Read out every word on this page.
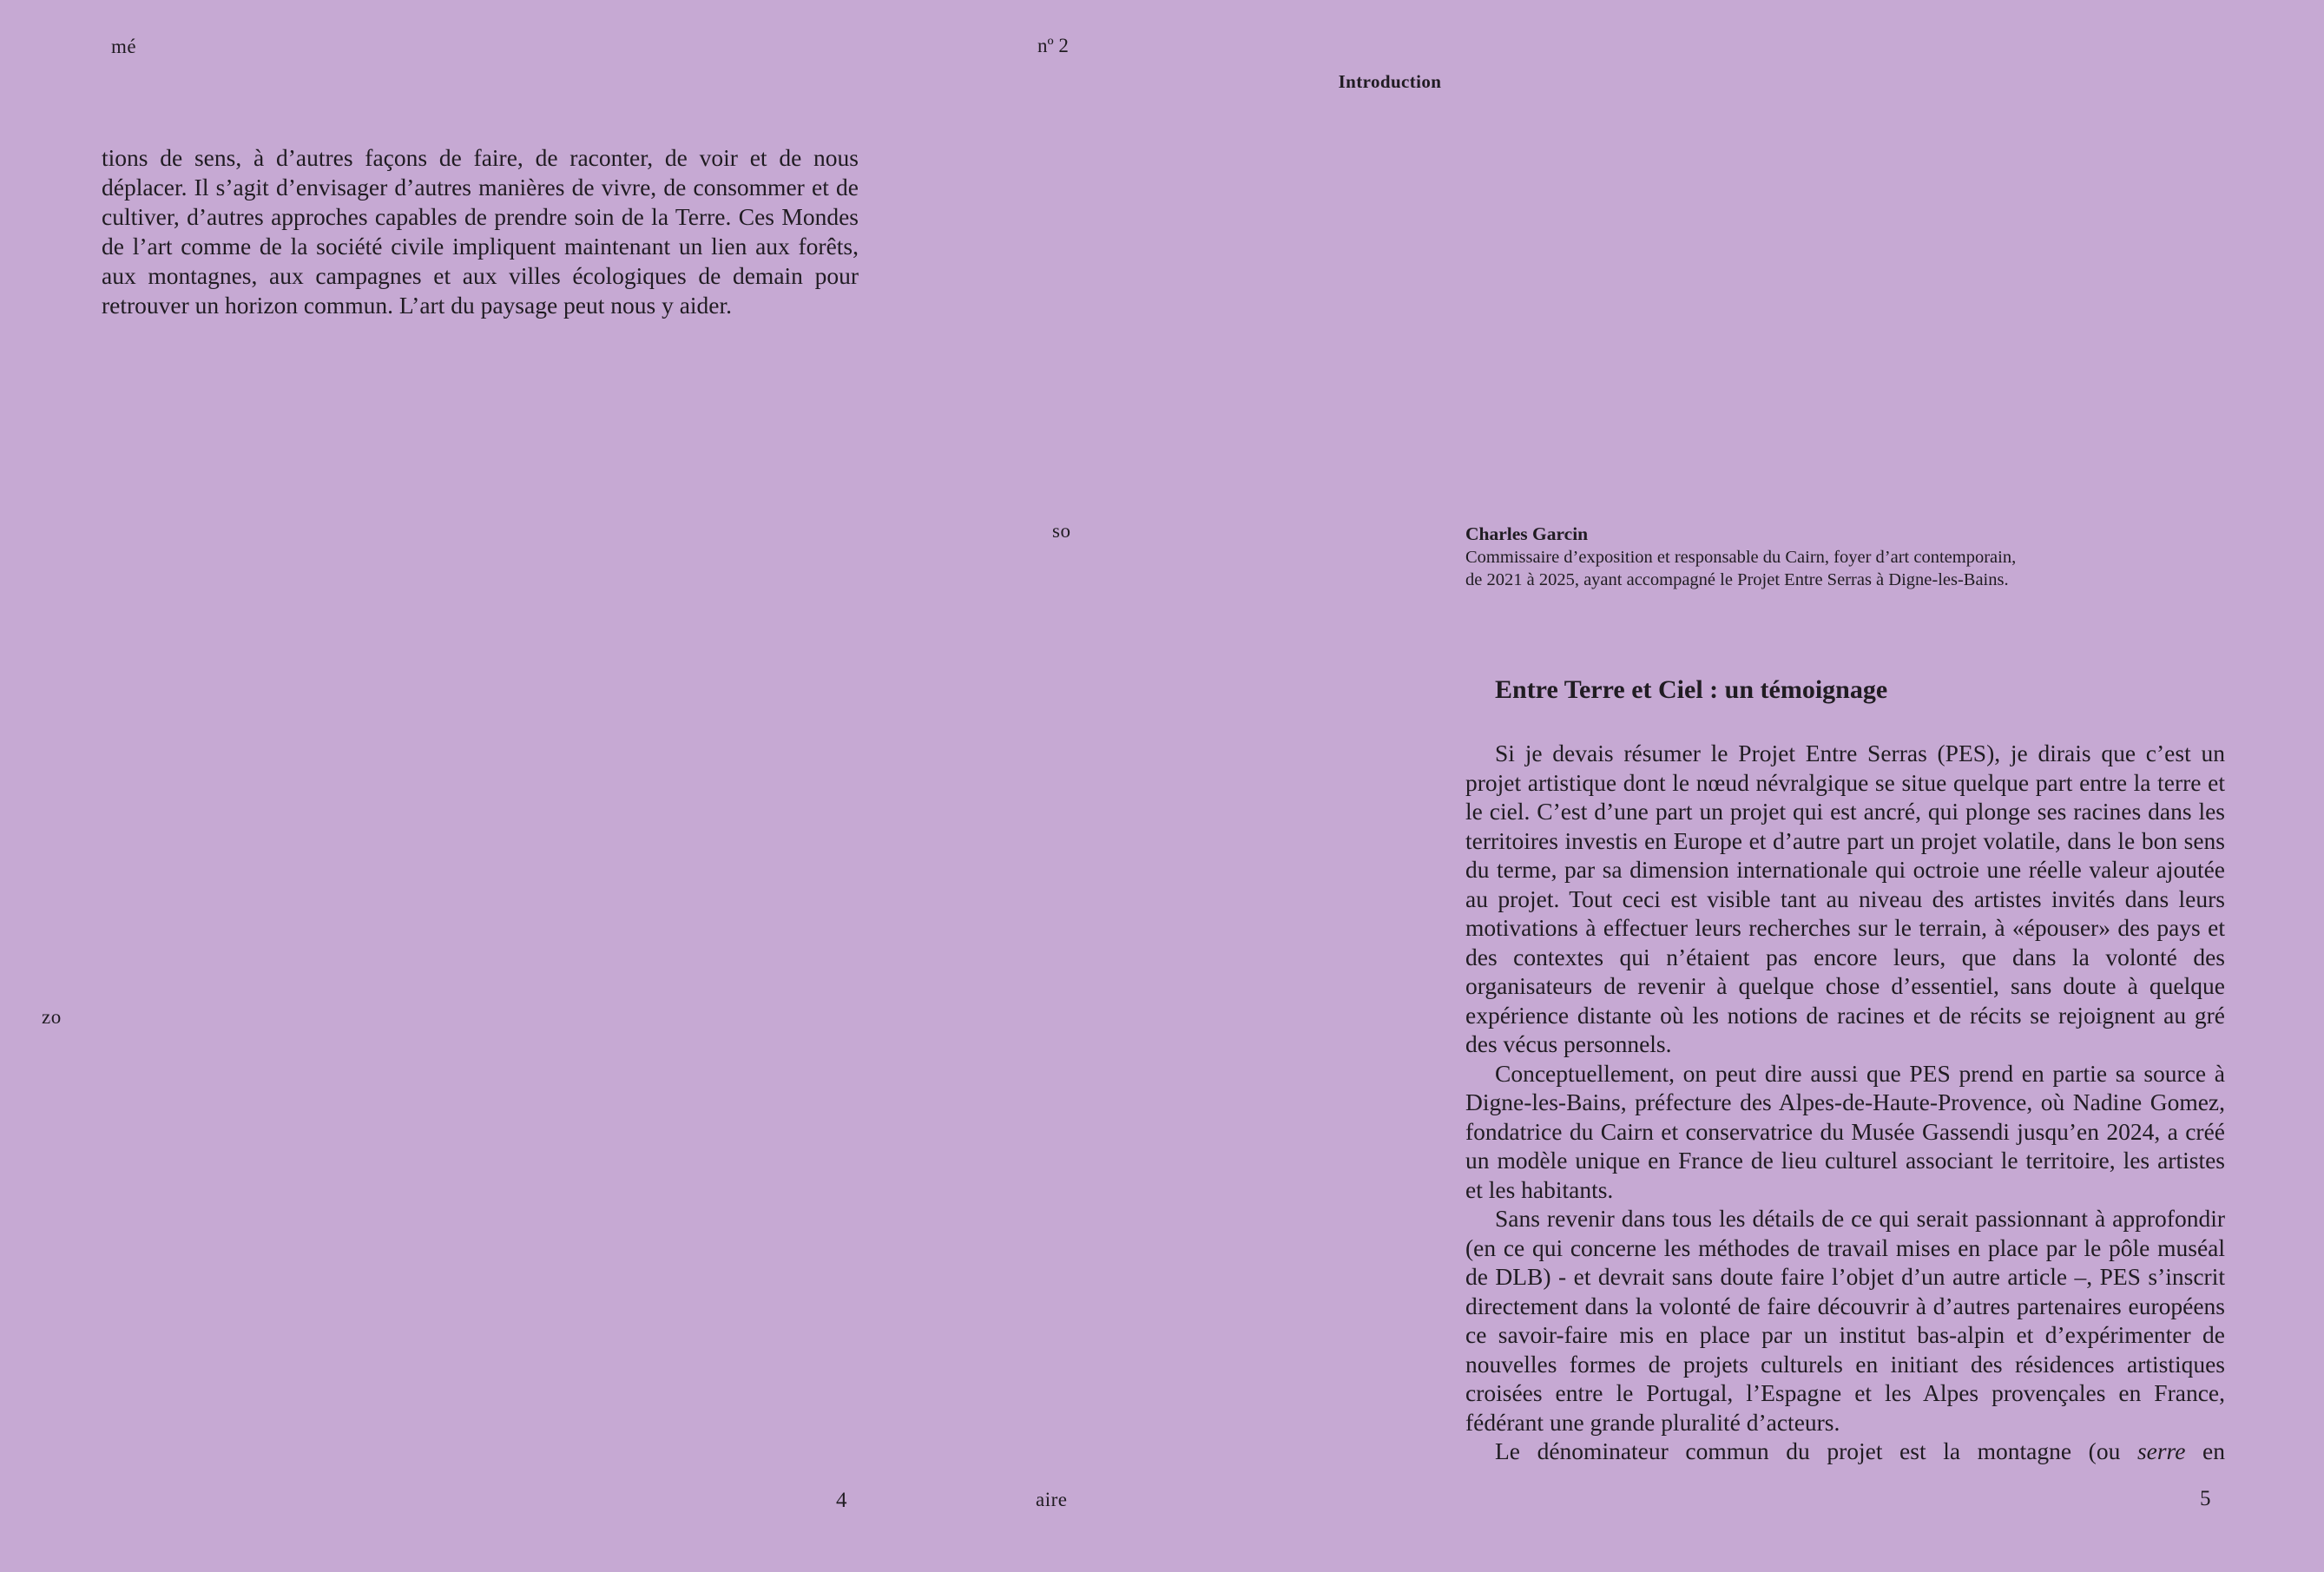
mé	nº 2
Introduction
so
zo
aire

tions de sens, à d’autres façons de faire, de raconter, de voir et de nous déplacer. Il s’agit d’envisager d’autres manières de vivre, de consommer et de cultiver, d’autres approches capables de prendre soin de la Terre. Ces Mondes de l’art comme de la société civile impliquent maintenant un lien aux forêts, aux montagnes, aux campagnes et aux villes écologiques de demain pour retrouver un horizon commun. L’art du paysage peut nous y aider.

Charles Garcin
Commissaire d’exposition et responsable du Cairn, foyer d’art contemporain,
de 2021 à 2025, ayant accompagné le Projet Entre Serras à Digne-les-Bains.
Entre Terre et Ciel : un témoignage

Si je devais résumer le Projet Entre Serras (PES), je dirais que c’est un projet artistique dont le nœud névralgique se situe quelque part entre la terre et le ciel. C’est d’une part un projet qui est ancré, qui plonge ses racines dans les territoires investis en Europe et d’autre part un projet volatile, dans le bon sens du terme, par sa dimension internationale qui octroie une réelle valeur ajoutée au projet. Tout ceci est visible tant au niveau des artistes invités dans leurs motivations à effectuer leurs recherches sur le terrain, à «épouser» des pays et des contextes qui n’étaient pas encore leurs, que dans la volonté des organisateurs de revenir à quelque chose d’essentiel, sans doute à quelque expérience distante où les notions de racines et de récits se rejoignent au gré des vécus personnels.

Conceptuellement, on peut dire aussi que PES prend en partie sa source à Digne-les-Bains, préfecture des Alpes-de-Haute-Provence, où Nadine Gomez, fondatrice du Cairn et conservatrice du Musée Gassendi jusqu’en 2024, a créé un modèle unique en France de lieu culturel associant le territoire, les artistes et les habitants.

Sans revenir dans tous les détails de ce qui serait passionnant à approfondir (en ce qui concerne les méthodes de travail mises en place par le pôle muséal de DLB) - et devrait sans doute faire l’objet d’un autre article –, PES s’inscrit directement dans la volonté de faire découvrir à d’autres partenaires européens ce savoir-faire mis en place par un institut bas-alpin et d’expérimenter de nouvelles formes de projets culturels en initiant des résidences artistiques croisées entre le Portugal, l’Espagne et les Alpes provençales en France, fédérant une grande pluralité d’acteurs.

Le dénominateur commun du projet est la montagne (ou serre en

4	5
